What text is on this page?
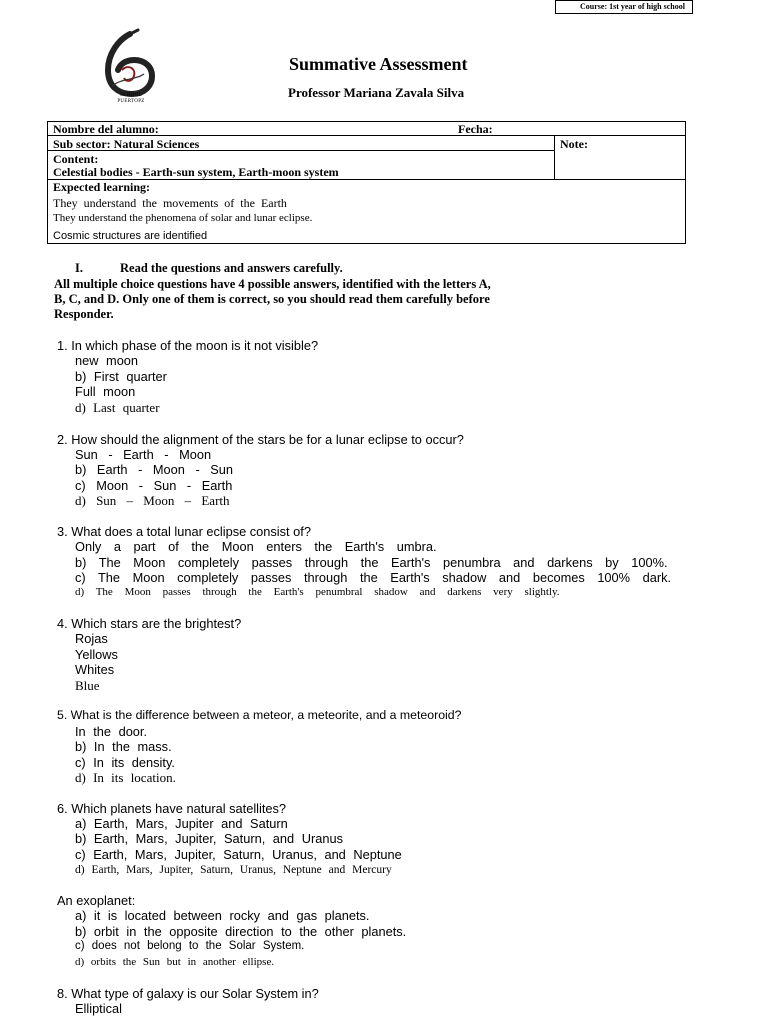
SCHOOL
PUERTOPZ
Summative Assessment
Professor Mariana Zavala Silva
Nombre del alumno:	Fecha:
Sub sector: Natural Sciences	Note:
Content:
Celestial bodies - Earth-sun system, Earth-moon system
Expected learning:
They understand the movements of the Earth
They understand the phenomena of solar and lunar eclipse.
Cosmic structures are identified
Course: 1st year of high school
I.	Read the questions and answers carefully.
All multiple choice questions have 4 possible answers, identified with the letters A,
B, C, and D. Only one of them is correct, so you should read them carefully before
Responder.
1. In which phase of the moon is it not visible?
new moon
b) First quarter
Full moon
d) Last quarter
2. How should the alignment of the stars be for a lunar eclipse to occur?
Sun - Earth - Moon
b) Earth - Moon - Sun
c) Moon - Sun - Earth
d) Sun – Moon – Earth
3. What does a total lunar eclipse consist of?
Only a part of the Moon enters the Earth's umbra.
b) The Moon completely passes through the Earth's penumbra and darkens by 100%.
c) The Moon completely passes through the Earth's shadow and becomes 100% dark.
d) The Moon passes through the Earth's penumbral shadow and darkens very slightly.
4. Which stars are the brightest?
Rojas
Yellows
Whites
Blue
5. What is the difference between a meteor, a meteorite, and a meteoroid?
In the door.
b) In the mass.
c) In its density.
d) In its location.
6. Which planets have natural satellites?
a) Earth, Mars, Jupiter and Saturn
b) Earth, Mars, Jupiter, Saturn, and Uranus
c) Earth, Mars, Jupiter, Saturn, Uranus, and Neptune
d) Earth, Mars, Jupiter, Saturn, Uranus, Neptune and Mercury
An exoplanet:
a) it is located between rocky and gas planets.
b) orbit in the opposite direction to the other planets.
c) does not belong to the Solar System.
d) orbits the Sun but in another ellipse.
8. What type of galaxy is our Solar System in?
Elliptical
